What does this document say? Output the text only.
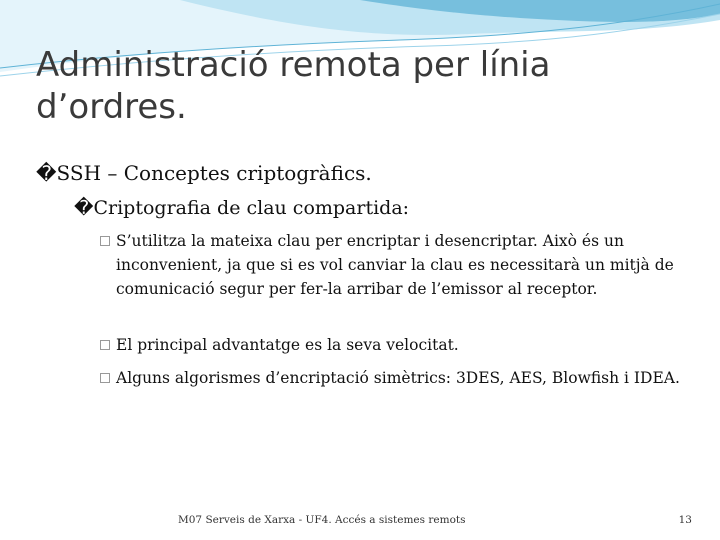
Administració remota per línia d’ordres.
�SSH – Conceptes criptogràfics.
�Criptografia de clau compartida:
S’utilitza la mateixa clau per encriptar i desencriptar. Això és un inconvenient, ja que si es vol canviar la clau es necessitarà un mitjà de comunicació segur per fer-la arribar de l’emissor al receptor.
El principal advantatge es la seva velocitat.
Alguns algorismes d’encriptació simètrics: 3DES, AES, Blowfish i IDEA.
M07 Serveis de Xarxa - UF4. Accés a sistemes remots	13
